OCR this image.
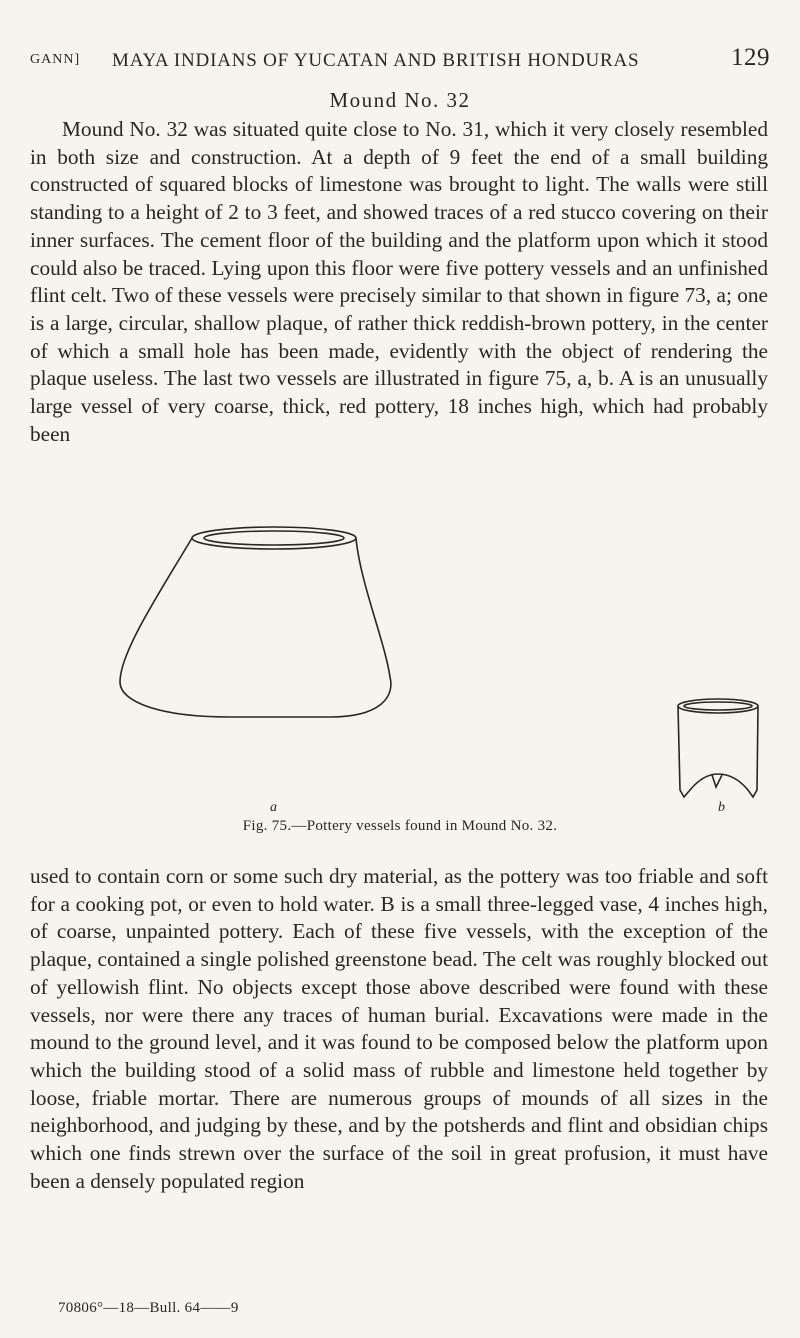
GANN] MAYA INDIANS OF YUCATAN AND BRITISH HONDURAS	129
Mound No. 32
Mound No. 32 was situated quite close to No. 31, which it very closely resembled in both size and construction. At a depth of 9 feet the end of a small building constructed of squared blocks of limestone was brought to light. The walls were still standing to a height of 2 to 3 feet, and showed traces of a red stucco covering on their inner surfaces. The cement floor of the building and the platform upon which it stood could also be traced. Lying upon this floor were five pottery vessels and an unfinished flint celt. Two of these vessels were precisely similar to that shown in figure 73, a; one is a large, circular, shallow plaque, of rather thick reddish-brown pottery, in the center of which a small hole has been made, evidently with the object of rendering the plaque useless. The last two vessels are illustrated in figure 75, a, b. A is an unusually large vessel of very coarse, thick, red pottery, 18 inches high, which had probably been
a	b
Fig. 75.—Pottery vessels found in Mound No. 32.
used to contain corn or some such dry material, as the pottery was too friable and soft for a cooking pot, or even to hold water. B is a small three-legged vase, 4 inches high, of coarse, unpainted pottery. Each of these five vessels, with the exception of the plaque, contained a single polished greenstone bead. The celt was roughly blocked out of yellowish flint. No objects except those above described were found with these vessels, nor were there any traces of human burial. Excavations were made in the mound to the ground level, and it was found to be composed below the platform upon which the building stood of a solid mass of rubble and limestone held together by loose, friable mortar. There are numerous groups of mounds of all sizes in the neighborhood, and judging by these, and by the potsherds and flint and obsidian chips which one finds strewn over the surface of the soil in great profusion, it must have been a densely populated region
70806°—18—Bull. 64——9
